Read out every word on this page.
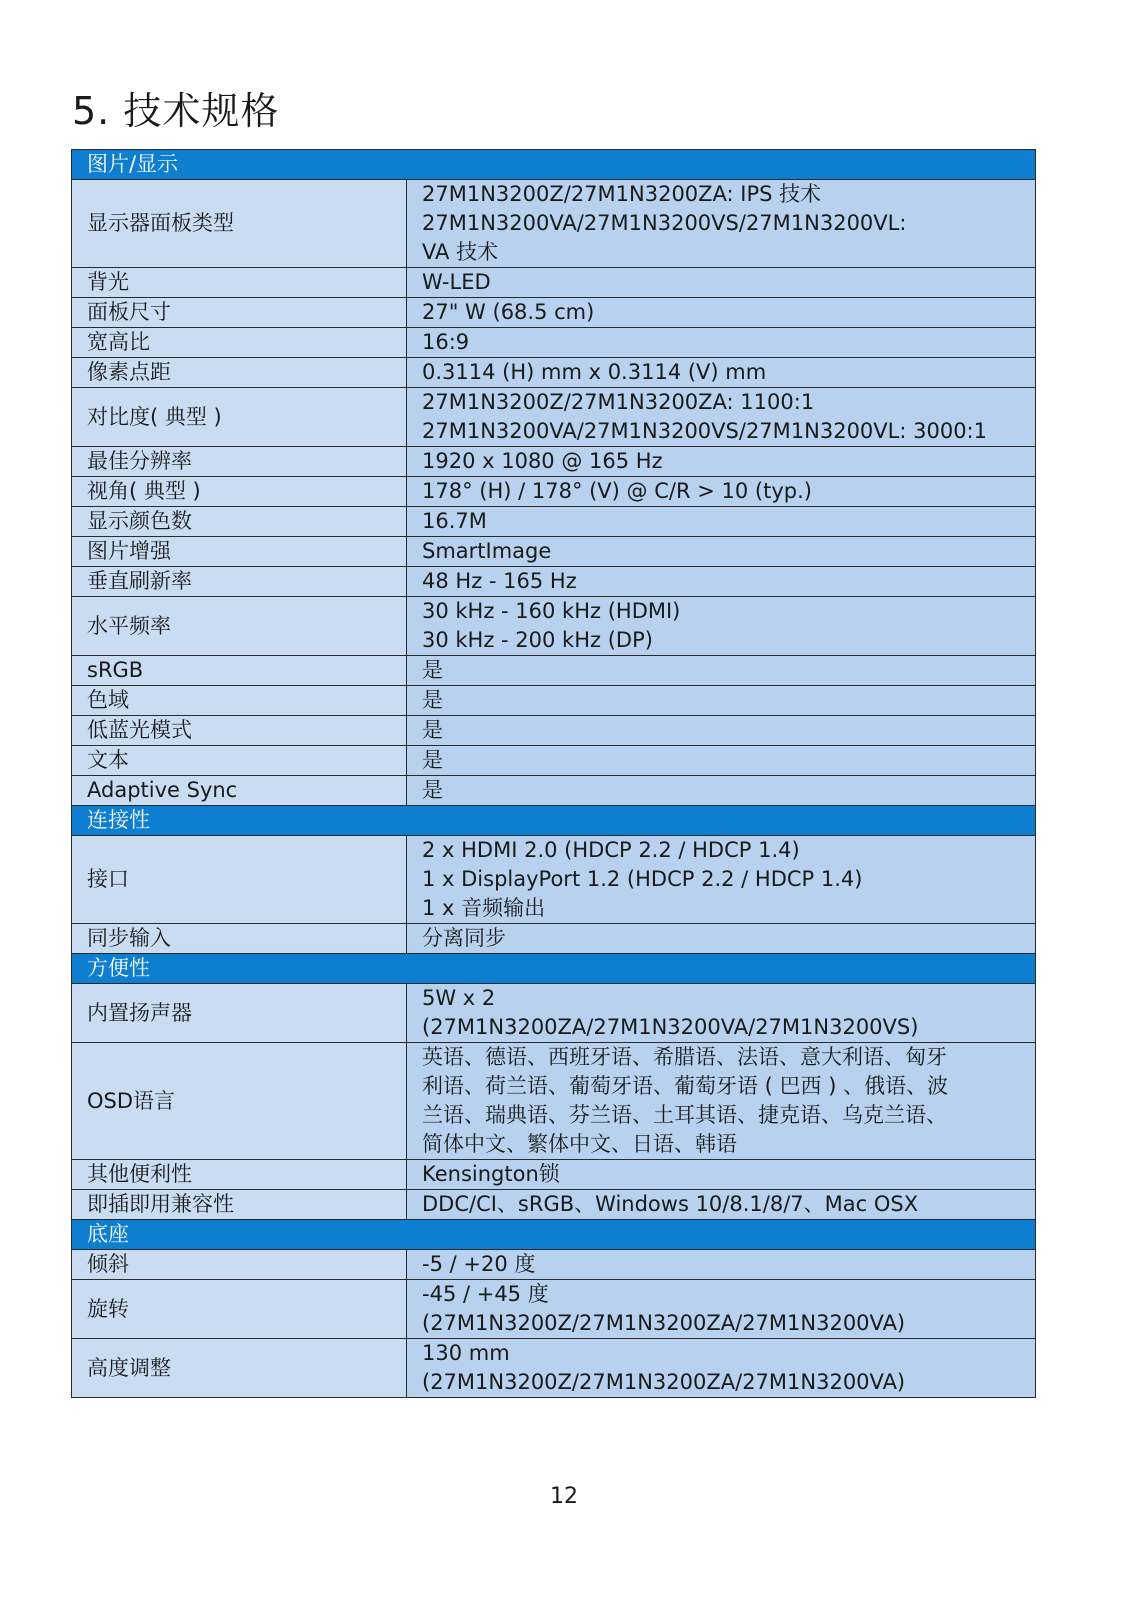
5. 技术规格
图片/显示	
显示器面板类型	27M1N3200Z/27M1N3200ZA: IPS 技术
27M1N3200VA/27M1N3200VS/27M1N3200VL:
VA 技术

背光	W-LED

面板尺寸	27" W (68.5 cm)

宽高比	16:9

像素点距	0.3114 (H) mm x 0.3114 (V) mm

对比度( 典型 )	27M1N3200Z/27M1N3200ZA: 1100:1
27M1N3200VA/27M1N3200VS/27M1N3200VL: 3000:1

最佳分辨率	1920 x 1080 @ 165 Hz

视角( 典型 )	178° (H) / 178° (V) @ C/R > 10 (typ.)

显示颜色数	16.7M

图片增强	SmartImage

垂直刷新率	48 Hz - 165 Hz

水平频率	30 kHz - 160 kHz (HDMI)
30 kHz - 200 kHz (DP)

sRGB	是

色域	是

低蓝光模式	是

文本	是

Adaptive Sync	是

连接性	
接口	2 x HDMI 2.0 (HDCP 2.2 / HDCP 1.4)
1 x DisplayPort 1.2 (HDCP 2.2 / HDCP 1.4)
1 x 音频输出

同步输入	分离同步

方便性	
内置扬声器	5W x 2
(27M1N3200ZA/27M1N3200VA/27M1N3200VS)

OSD语言	英语、德语、西班牙语、希腊语、法语、意大利语、匈牙
利语、荷兰语、葡萄牙语、葡萄牙语 ( 巴西 ) 、俄语、波
兰语、瑞典语、芬兰语、土耳其语、捷克语、乌克兰语、
简体中文、繁体中文、日语、韩语

其他便利性	Kensington锁

即插即用兼容性	DDC/CI、sRGB、Windows 10/8.1/8/7、Mac OSX

底座	
倾斜	-5 / +20 度

旋转	-45 / +45 度
(27M1N3200Z/27M1N3200ZA/27M1N3200VA)

高度调整	130 mm
(27M1N3200Z/27M1N3200ZA/27M1N3200VA)
12
